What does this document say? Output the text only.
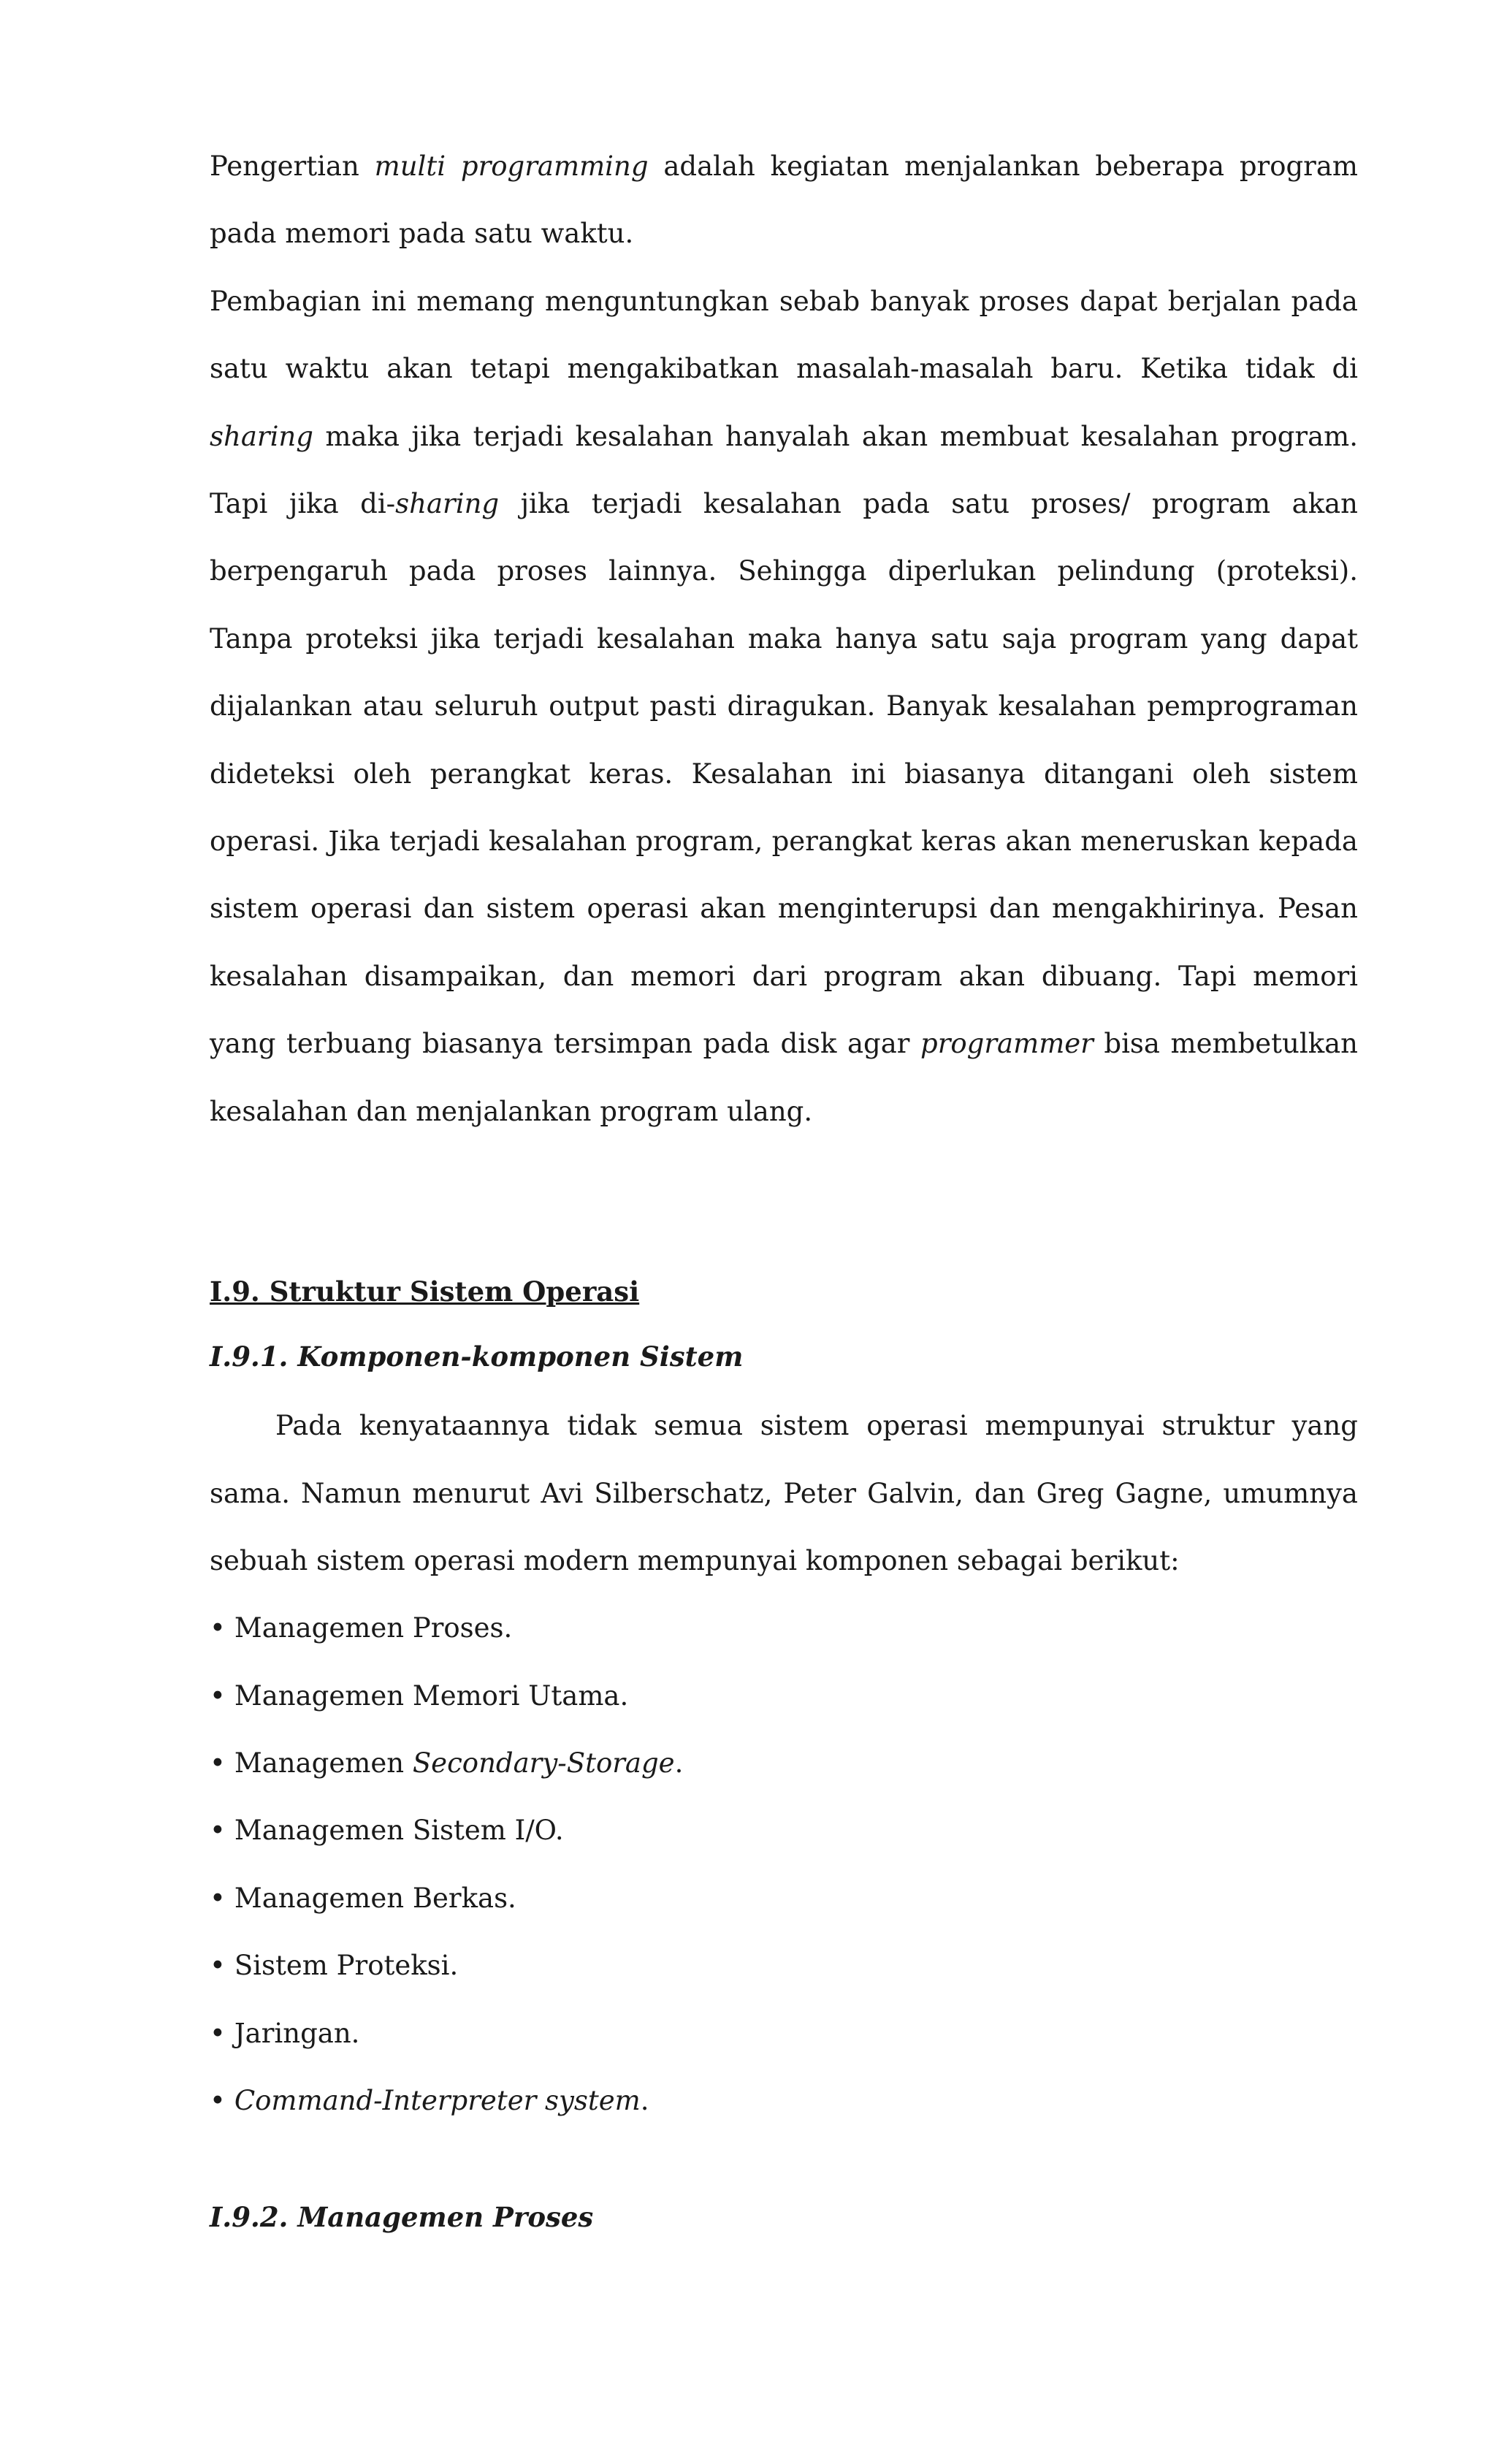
Pengertian multi programming adalah kegiatan menjalankan beberapa program pada memori pada satu waktu.

Pembagian ini memang menguntungkan sebab banyak proses dapat berjalan pada satu waktu akan tetapi mengakibatkan masalah-masalah baru. Ketika tidak di sharing maka jika terjadi kesalahan hanyalah akan membuat kesalahan program. Tapi jika di-sharing jika terjadi kesalahan pada satu proses/ program akan berpengaruh pada proses lainnya. Sehingga diperlukan pelindung (proteksi). Tanpa proteksi jika terjadi kesalahan maka hanya satu saja program yang dapat dijalankan atau seluruh output pasti diragukan. Banyak kesalahan pemprograman dideteksi oleh perangkat keras. Kesalahan ini biasanya ditangani oleh sistem operasi. Jika terjadi kesalahan program, perangkat keras akan meneruskan kepada sistem operasi dan sistem operasi akan menginterupsi dan mengakhirinya. Pesan kesalahan disampaikan, dan memori dari program akan dibuang. Tapi memori yang terbuang biasanya tersimpan pada disk agar programmer bisa membetulkan kesalahan dan menjalankan program ulang.

I.9. Struktur Sistem Operasi
I.9.1. Komponen-komponen Sistem

Pada kenyataannya tidak semua sistem operasi mempunyai struktur yang sama. Namun menurut Avi Silberschatz, Peter Galvin, dan Greg Gagne, umumnya sebuah sistem operasi modern mempunyai komponen sebagai berikut:

• Managemen Proses.
• Managemen Memori Utama.
• Managemen Secondary-Storage.
• Managemen Sistem I/O.
• Managemen Berkas.
• Sistem Proteksi.
• Jaringan.
• Command-Interpreter system.
I.9.2. Managemen Proses
